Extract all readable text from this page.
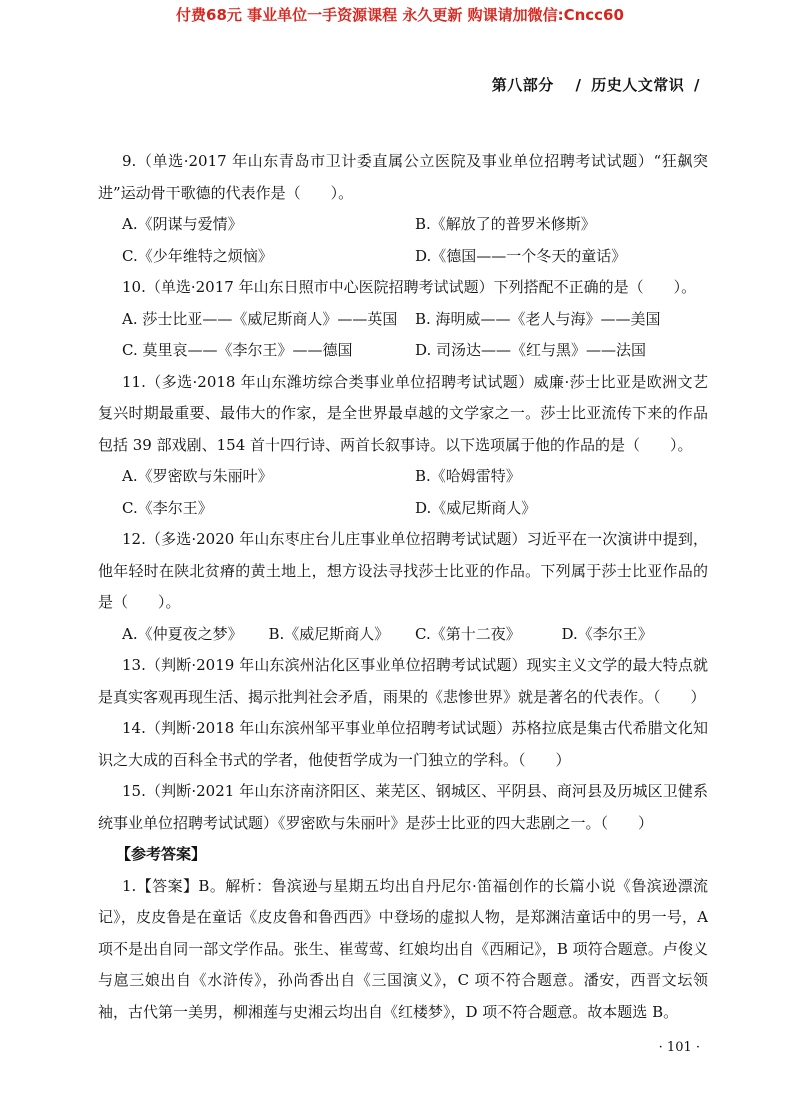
付费68元 事业单位一手资源课程 永久更新 购课请加微信:Cncc60
第八部分 / 历史人文常识 /

9.（单选·2017 年山东青岛市卫计委直属公立医院及事业单位招聘考试试题）“狂飙突进”运动骨干歌德的代表作是（　　）。

A.《阴谋与爱情》	B.《解放了的普罗米修斯》
C.《少年维特之烦恼》	D.《德国——一个冬天的童话》

10.（单选·2017 年山东日照市中心医院招聘考试试题）下列搭配不正确的是（　　）。

A. 莎士比亚——《威尼斯商人》——英国	B. 海明威——《老人与海》——美国
C. 莫里哀——《李尔王》——德国	D. 司汤达——《红与黑》——法国

11.（多选·2018 年山东潍坊综合类事业单位招聘考试试题）威廉·莎士比亚是欧洲文艺复兴时期最重要、最伟大的作家，是全世界最卓越的文学家之一。莎士比亚流传下来的作品包括 39 部戏剧、154 首十四行诗、两首长叙事诗。以下选项属于他的作品的是（　　）。

A.《罗密欧与朱丽叶》	B.《哈姆雷特》
C.《李尔王》	D.《威尼斯商人》

12.（多选·2020 年山东枣庄台儿庄事业单位招聘考试试题）习近平在一次演讲中提到，他年轻时在陕北贫瘠的黄土地上，想方设法寻找莎士比亚的作品。下列属于莎士比亚作品的是（　　）。

A.《仲夏夜之梦》	B.《威尼斯商人》	C.《第十二夜》	D.《李尔王》

13.（判断·2019 年山东滨州沾化区事业单位招聘考试试题）现实主义文学的最大特点就是真实客观再现生活、揭示批判社会矛盾，雨果的《悲惨世界》就是著名的代表作。（　　）

14.（判断·2018 年山东滨州邹平事业单位招聘考试试题）苏格拉底是集古代希腊文化知识之大成的百科全书式的学者，他使哲学成为一门独立的学科。（　　）

15.（判断·2021 年山东济南济阳区、莱芜区、钢城区、平阴县、商河县及历城区卫健系统事业单位招聘考试试题）《罗密欧与朱丽叶》是莎士比亚的四大悲剧之一。（　　）

【参考答案】

1.【答案】B。解析：鲁滨逊与星期五均出自丹尼尔·笛福创作的长篇小说《鲁滨逊漂流记》，皮皮鲁是在童话《皮皮鲁和鲁西西》中登场的虚拟人物，是郑渊洁童话中的男一号，A 项不是出自同一部文学作品。张生、崔莺莺、红娘均出自《西厢记》，B 项符合题意。卢俊义与扈三娘出自《水浒传》，孙尚香出自《三国演义》，C 项不符合题意。潘安，西晋文坛领袖，古代第一美男，柳湘莲与史湘云均出自《红楼梦》，D 项不符合题意。故本题选 B。

· 101 ·
